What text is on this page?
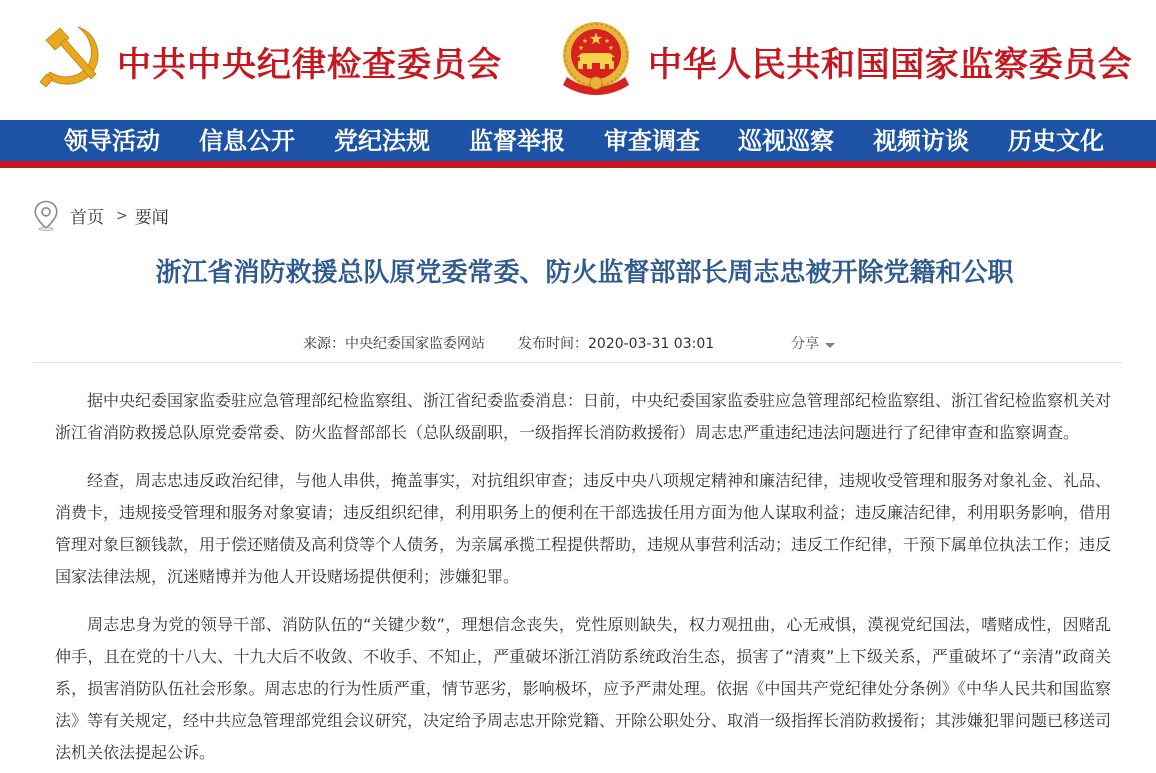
中共中央纪律检查委员会	中华人民共和国国家监察委员会
领导活动 信息公开 党纪法规 监督举报 审查调查 巡视巡察 视频访谈 历史文化
首页 > 要闻
浙江省消防救援总队原党委常委、防火监督部部长周志忠被开除党籍和公职
来源： 中央纪委国家监委网站 发布时间： 2020-03-31 03:01	分享

据中央纪委国家监委驻应急管理部纪检监察组、浙江省纪委监委消息：日前，中央纪委国家监委驻应急管理部纪检监察组、浙江省纪检监察机关对浙江省消防救援总队原党委常委、防火监督部部长（总队级副职，一级指挥长消防救援衔）周志忠严重违纪违法问题进行了纪律审查和监察调查。

经查，周志忠违反政治纪律，与他人串供，掩盖事实，对抗组织审查；违反中央八项规定精神和廉洁纪律，违规收受管理和服务对象礼金、礼品、消费卡，违规接受管理和服务对象宴请；违反组织纪律，利用职务上的便利在干部选拔任用方面为他人谋取利益；违反廉洁纪律，利用职务影响，借用管理对象巨额钱款，用于偿还赌债及高利贷等个人债务，为亲属承揽工程提供帮助，违规从事营利活动；违反工作纪律，干预下属单位执法工作；违反国家法律法规，沉迷赌博并为他人开设赌场提供便利；涉嫌犯罪。

周志忠身为党的领导干部、消防队伍的“关键少数”，理想信念丧失，党性原则缺失，权力观扭曲，心无戒惧，漠视党纪国法，嗜赌成性，因赌乱伸手，且在党的十八大、十九大后不收敛、不收手、不知止，严重破坏浙江消防系统政治生态，损害了“清爽”上下级关系，严重破坏了“亲清”政商关系，损害消防队伍社会形象。周志忠的行为性质严重，情节恶劣，影响极坏，应予严肃处理。依据《中国共产党纪律处分条例》《中华人民共和国监察法》等有关规定，经中共应急管理部党组会议研究，决定给予周志忠开除党籍、开除公职处分、取消一级指挥长消防救援衔；其涉嫌犯罪问题已移送司法机关依法提起公诉。
